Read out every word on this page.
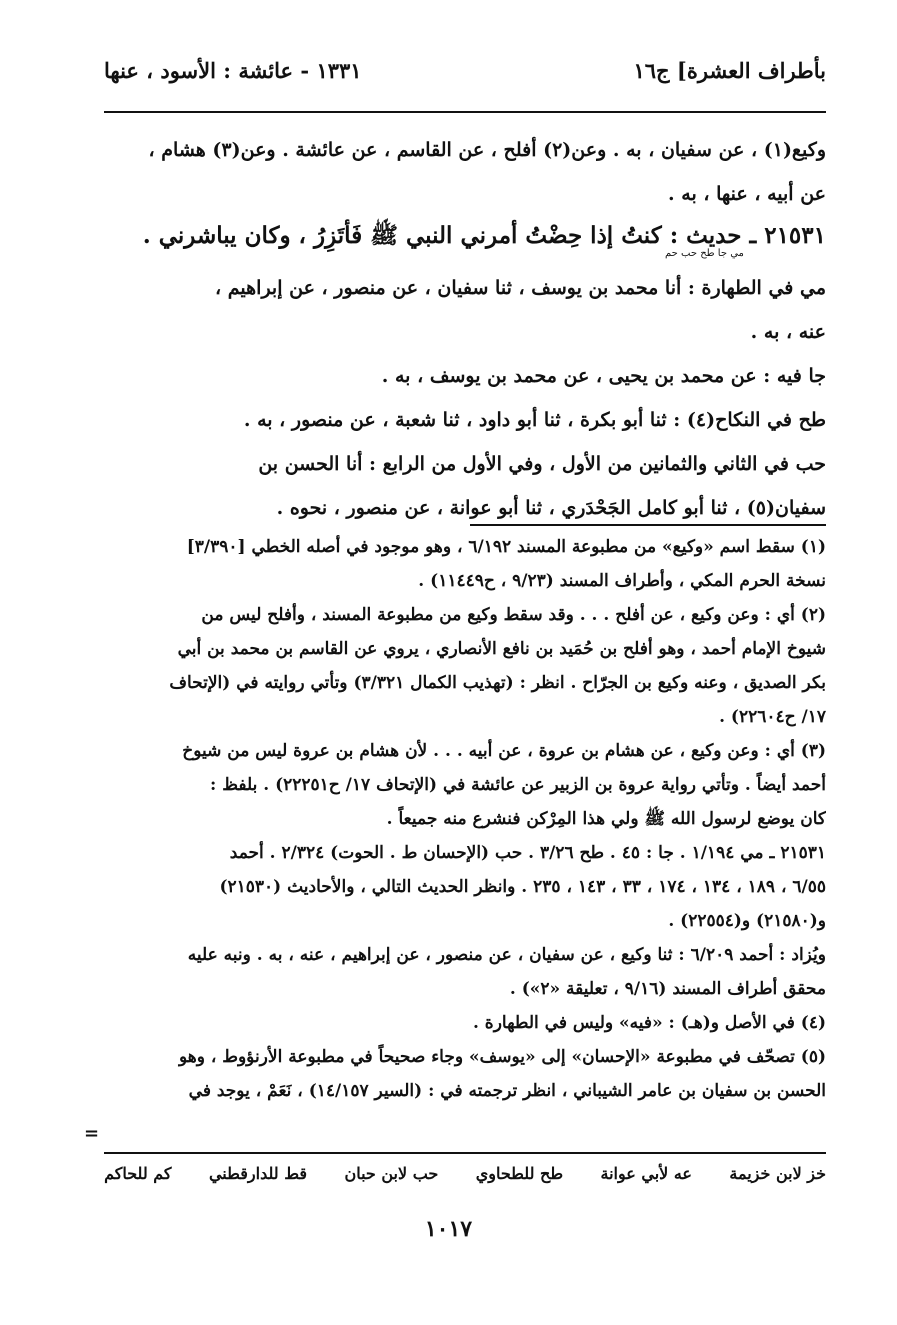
بأطراف العشرة] ج١٦
١٣٣١ - عائشة : الأسود ، عنها
وكيع(١) ، عن سفيان ، به . وعن(٢) أفلح ، عن القاسم ، عن عائشة . وعن(٣) هشام ،
عن أبيه ، عنها ، به .
٢١٥٣١ ـ حديث : كنتُ إذا حِضْتُ أمرني النبي ﷺ فَأتَزِرُ ، وكان يباشرني .
مي في الطهارة : أنا محمد بن يوسف ، ثنا سفيان ، عن منصور ، عن إبراهيم ،
عنه ، به .
جا فيه : عن محمد بن يحيى ، عن محمد بن يوسف ، به .
طح في النكاح(٤) : ثنا أبو بكرة ، ثنا أبو داود ، ثنا شعبة ، عن منصور ، به .
حب في الثاني والثمانين من الأول ، وفي الأول من الرابع : أنا الحسن بن
سفيان(٥) ، ثنا أبو كامل الجَحْدَري ، ثنا أبو عوانة ، عن منصور ، نحوه .
مي جا طح حب حم
(١) سقط اسم «وكيع» من مطبوعة المسند ٦/١٩٢ ، وهو موجود في أصله الخطي [٣/٣٩٠]
نسخة الحرم المكي ، وأطراف المسند (٩/٢٣ ، ح١١٤٤٩) .
(٢) أي : وعن وكيع ، عن أفلح . . . وقد سقط وكيع من مطبوعة المسند ، وأفلح ليس من
شيوخ الإمام أحمد ، وهو أفلح بن حُمَيد بن نافع الأنصاري ، يروي عن القاسم بن محمد بن أبي
بكر الصديق ، وعنه وكيع بن الجرّاح . انظر : (تهذيب الكمال ٣/٣٢١) وتأتي روايته في (الإتحاف
١٧/ ح٢٢٦٠٤) .
(٣) أي : وعن وكيع ، عن هشام بن عروة ، عن أبيه . . . لأن هشام بن عروة ليس من شيوخ
أحمد أيضاً . وتأتي رواية عروة بن الزبير عن عائشة في (الإتحاف ١٧/ ح٢٢٢٥١) . بلفظ :
كان يوضع لرسول الله ﷺ ولي هذا المِرْكن فنشرع منه جميعاً .
٢١٥٣١ ـ مي ١/١٩٤ . جا : ٤٥ . طح ٣/٢٦ . حب (الإحسان ط . الحوت) ٢/٣٢٤ . أحمد
٦/٥٥ ، ١٨٩ ، ١٣٤ ، ١٧٤ ، ٣٣ ، ١٤٣ ، ٢٣٥ . وانظر الحديث التالي ، والأحاديث (٢١٥٣٠)
و(٢١٥٨٠) و(٢٢٥٥٤) .
ويُزاد : أحمد ٦/٢٠٩ : ثنا وكيع ، عن سفيان ، عن منصور ، عن إبراهيم ، عنه ، به . ونبه عليه
محقق أطراف المسند (٩/١٦ ، تعليقة «٢») .
(٤) في الأصل و(هـ) : «فيه» وليس في الطهارة .
(٥) تصحّف في مطبوعة «الإحسان» إلى «يوسف» وجاء صحيحاً في مطبوعة الأرنؤوط ، وهو
الحسن بن سفيان بن عامر الشيباني ، انظر ترجمته في : (السير ١٤/١٥٧) ، نَعَمْ ، يوجد في
=
خز لابن خزيمة
عه لأبي عوانة
طح للطحاوي
حب لابن حبان
قط للدارقطني
كم للحاكم
١٠١٧
